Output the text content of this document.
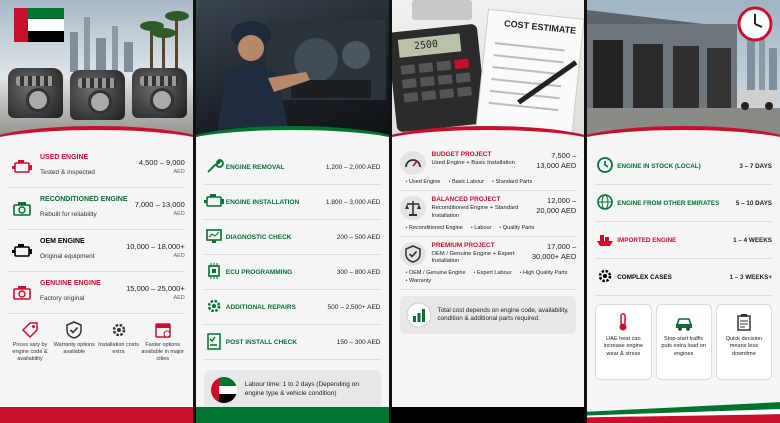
USED ENGINE
Tested & inspected
4,500 – 9,000
AED
RECONDITIONED ENGINE
Rebuilt for reliability
7,000 – 13,000
AED
OEM ENGINE
Original equipment
10,000 – 18,000+
AED
GENUINE ENGINE
Factory original
15,000 – 25,000+
AED
Prices vary by engine code & availability
Warranty options available
Installation costs extra
Faster options available in major cities
ENGINE REMOVAL	1,200 – 2,000 AED
ENGINE INSTALLATION	1,800 – 3,000 AED
DIAGNOSTIC CHECK	200 – 500 AED
ECU PROGRAMMING	300 – 800 AED
ADDITIONAL REPAIRS	500 – 2,500+ AED
POST INSTALL CHECK	150 – 300 AED
Labour time: 1 to 2 days (Depending on engine type & vehicle condition)
COST ESTIMATE
2500
BUDGET PROJECT
Used Engine + Basic Installation
7,500 –
13,000 AED
• Used Engine	• Basic Labour	• Standard Parts
BALANCED PROJECT
Reconditioned Engine + Standard Installation
12,000 –
20,000 AED
• Reconditioned Engine	• Labour	• Quality Parts
PREMIUM PROJECT
OEM / Genuine Engine + Expert Installation
17,000 –
30,000+ AED
• OEM / Genuine Engine	• Expert Labour	• High Quality Parts
• Warranty
Total cost depends on engine code, availability, condition & additional parts required.
ENGINE IN STOCK (LOCAL)	3 – 7 DAYS
ENGINE FROM OTHER EMIRATES	5 – 10 DAYS
IMPORTED ENGINE	1 – 4 WEEKS
COMPLEX CASES	1 – 3 WEEKS+
UAE heat can increase engine wear & stress
Stop-start traffic puts extra load on engines
Quick decision means less downtime
